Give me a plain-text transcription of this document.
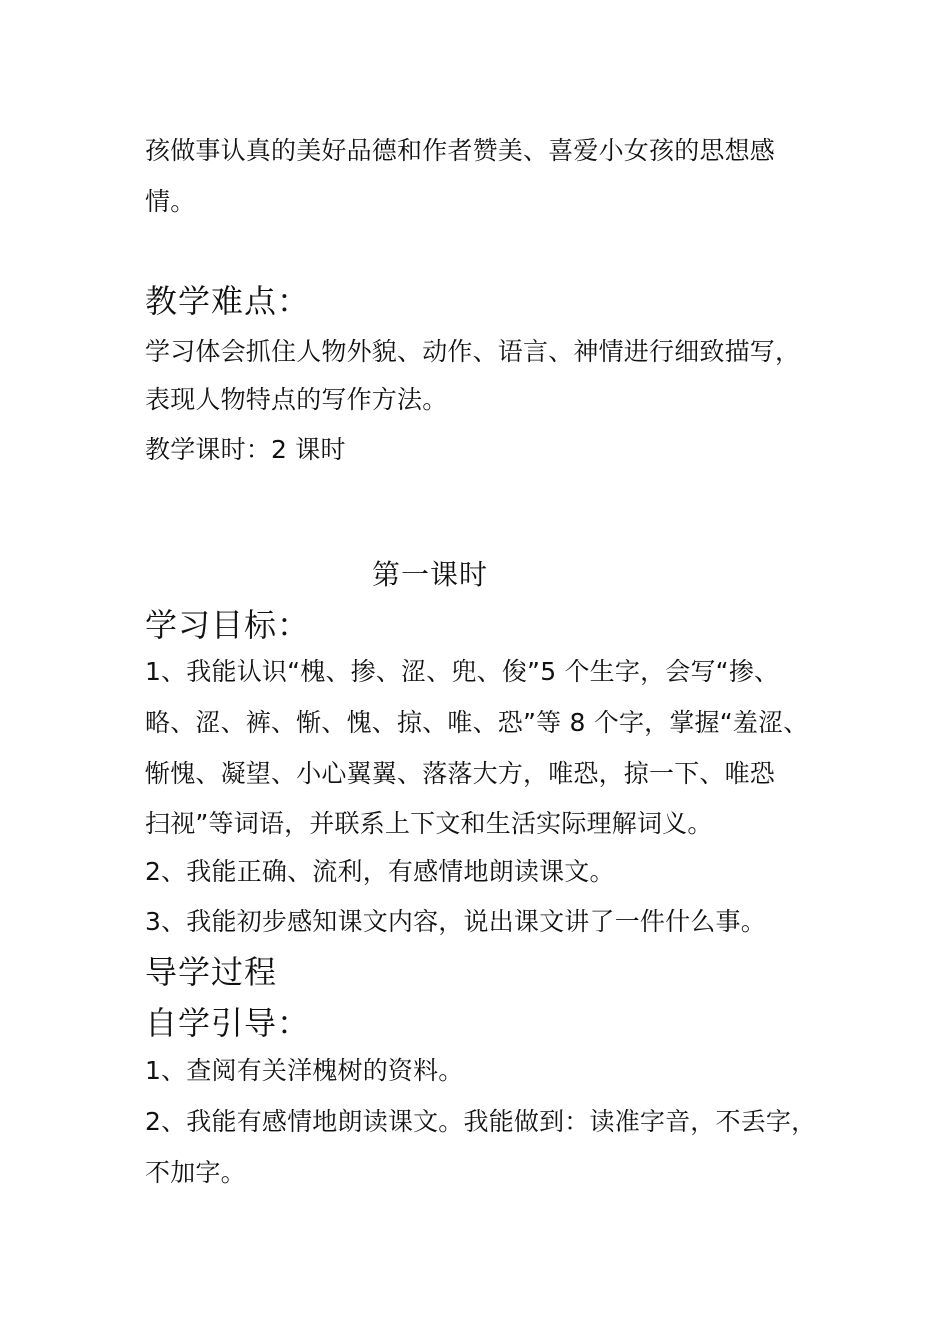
孩做事认真的美好品德和作者赞美、喜爱小女孩的思想感
情。
教学难点：
学习体会抓住人物外貌、动作、语言、神情进行细致描写，
表现人物特点的写作方法。
教学课时：2 课时
第一课时
学习目标：
1、我能认识“槐、掺、涩、兜、俊”5 个生字，会写“掺、
略、涩、裤、惭、愧、掠、唯、恐”等 8 个字，掌握“羞涩、
惭愧、凝望、小心翼翼、落落大方，唯恐，掠一下、唯恐
扫视”等词语，并联系上下文和生活实际理解词义。
2、我能正确、流利，有感情地朗读课文。
3、我能初步感知课文内容，说出课文讲了一件什么事。
导学过程
自学引导：
1、查阅有关洋槐树的资料。
2、我能有感情地朗读课文。我能做到：读准字音，不丢字，
不加字。
